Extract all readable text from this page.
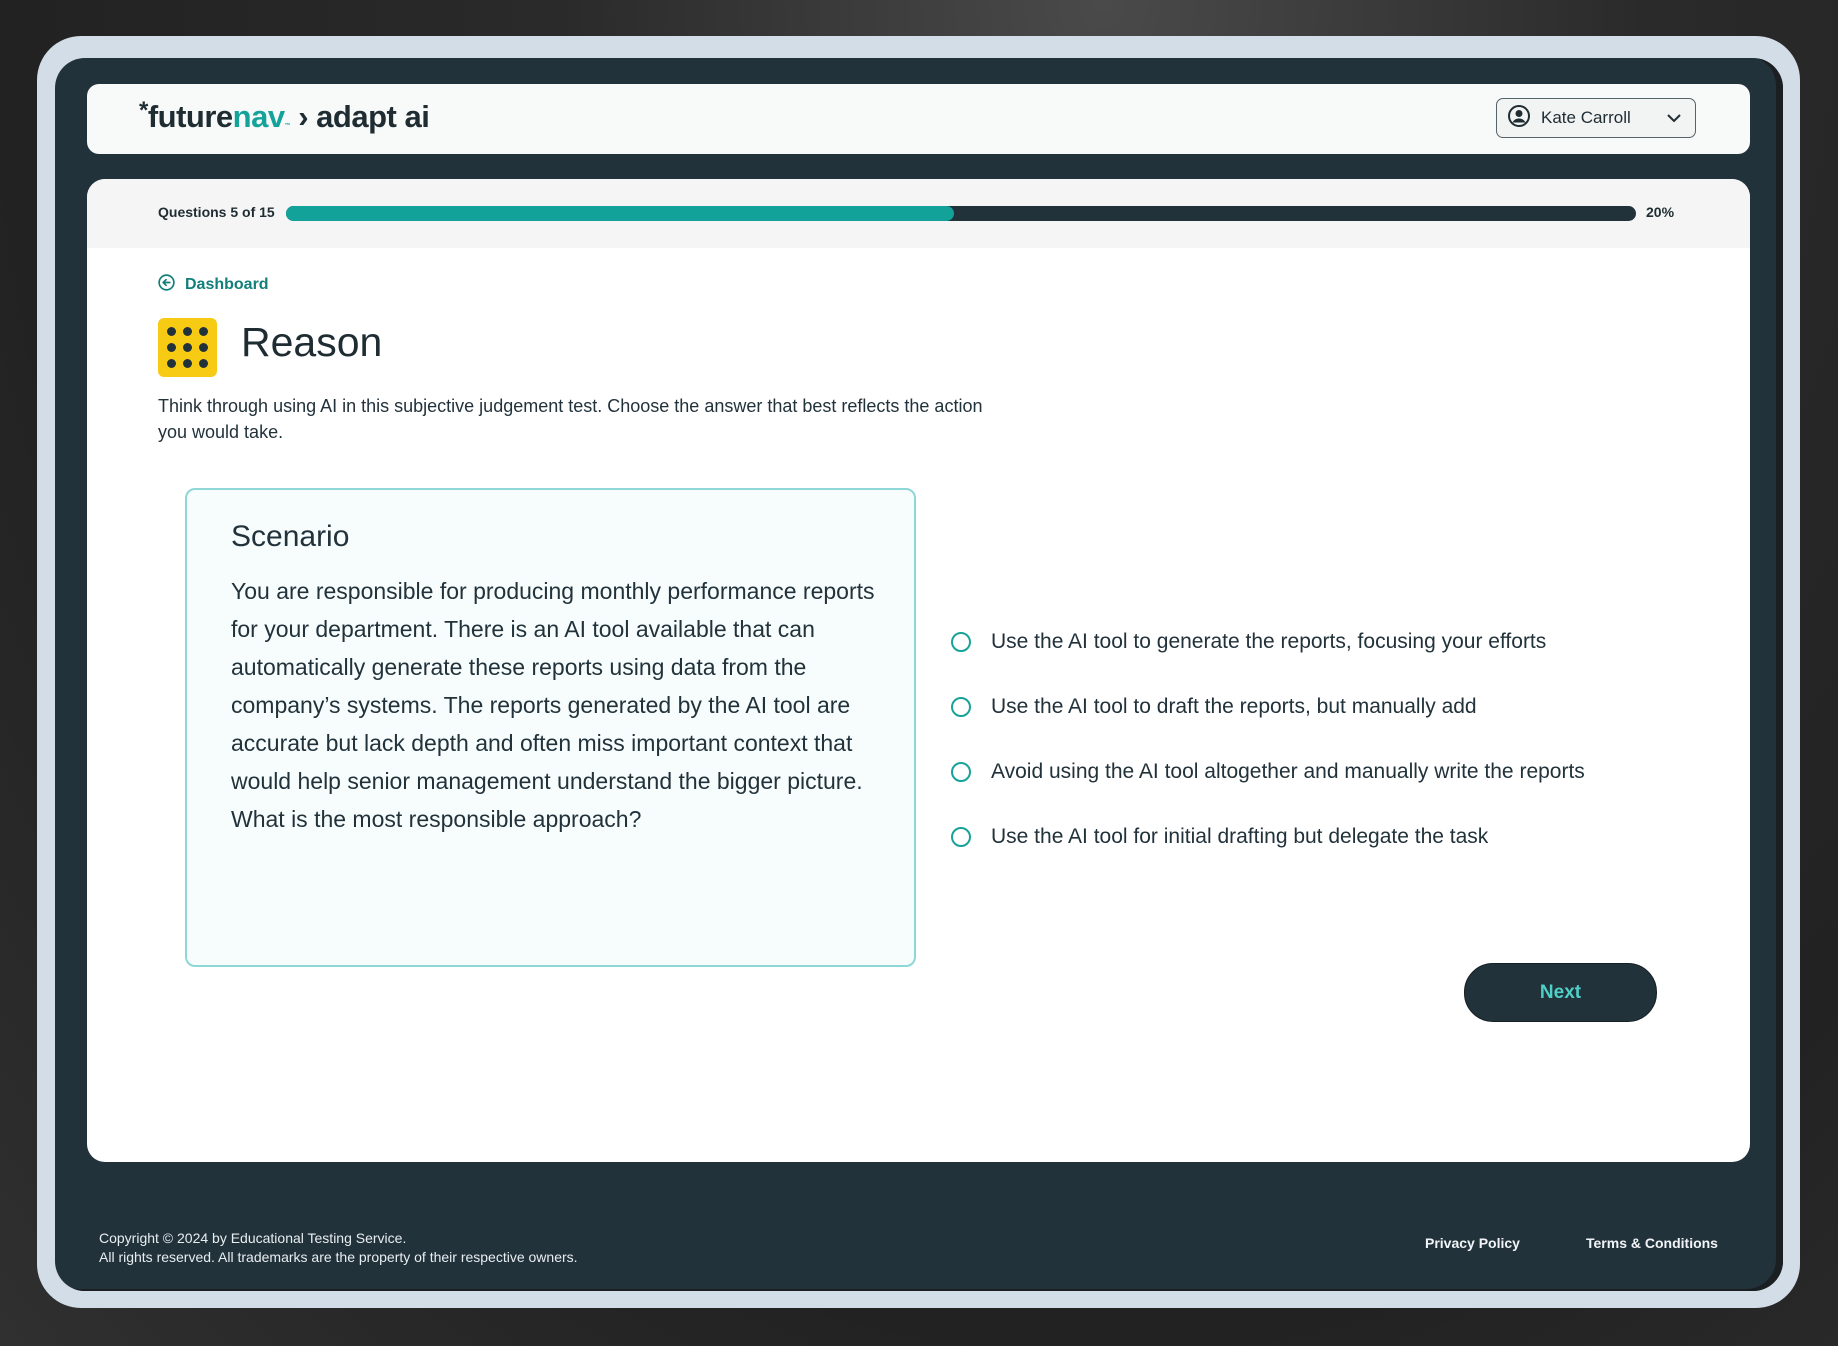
*futurenav™ › adapt ai	Kate Carroll
Questions 5 of 15	20%
Dashboard
Reason

Think through using AI in this subjective judgement test. Choose the answer that best reflects the action you would take.

Scenario

You are responsible for producing monthly performance reports for your department. There is an AI tool available that can automatically generate these reports using data from the company’s systems. The reports generated by the AI tool are accurate but lack depth and often miss important context that would help senior management understand the bigger picture. What is the most responsible approach?

Use the AI tool to generate the reports, focusing your efforts
Use the AI tool to draft the reports, but manually add
Avoid using the AI tool altogether and manually write the reports
Use the AI tool for initial drafting but delegate the task
Next
Copyright © 2024 by Educational Testing Service.
All rights reserved. All trademarks are the property of their respective owners.
Privacy Policy	Terms & Conditions
